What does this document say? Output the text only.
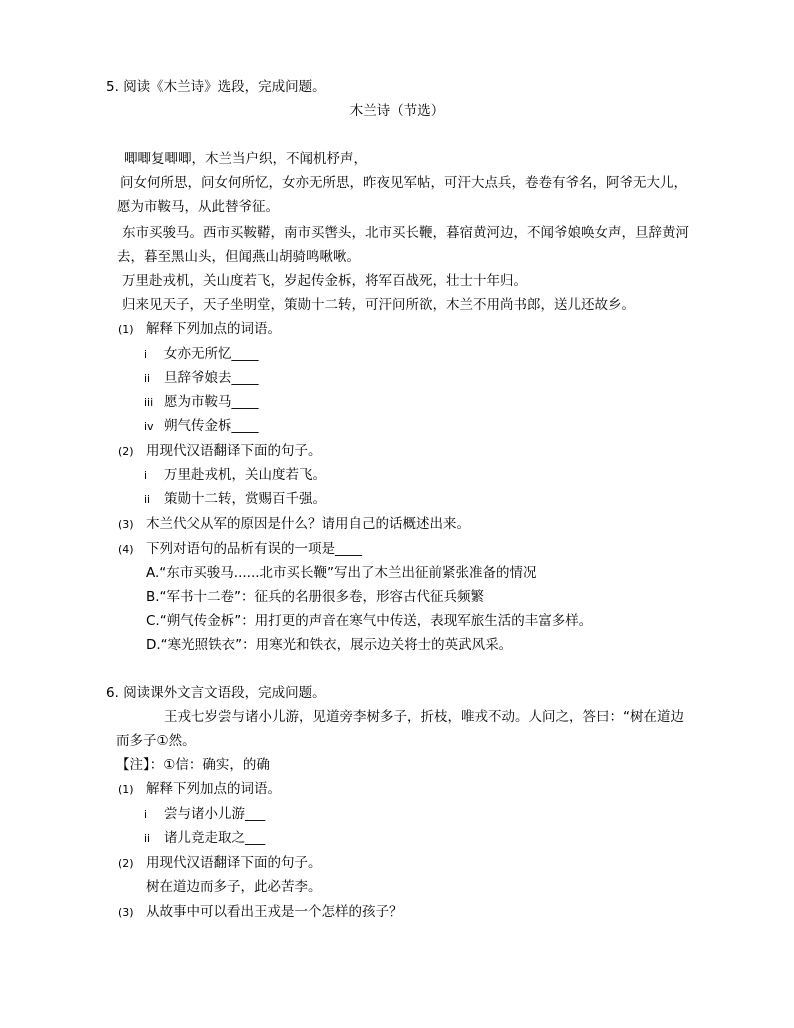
5. 阅读《木兰诗》选段，完成问题。
木兰诗（节选）
唧唧复唧唧，木兰当户织，不闻机杼声，
问女何所思，问女何所忆，女亦无所思，昨夜见军帖，可汗大点兵，卷卷有爷名，阿爷无大儿，
愿为市鞍马，从此替爷征。
东市买骏马。西市买鞍鞯，南市买辔头，北市买长鞭，暮宿黄河边，不闻爷娘唤女声，旦辞黄河
去，暮至黑山头，但闻燕山胡骑鸣啾啾。
万里赴戎机，关山度若飞，岁起传金柝，将军百战死，壮士十年归。
归来见天子，天子坐明堂，策勋十二转，可汗问所欲，木兰不用尚书郎，送儿还故乡。
(1) 解释下列加点的词语。
i 女亦无所忆____
ii 旦辞爷娘去____
iii 愿为市鞍马____
iv 朔气传金柝____
(2) 用现代汉语翻译下面的句子。
i 万里赴戎机，关山度若飞。
ii 策勋十二转，赏赐百千强。
(3) 木兰代父从军的原因是什么？请用自己的话概述出来。
(4) 下列对语句的品析有误的一项是____
A.“东市买骏马......北市买长鞭”写出了木兰出征前紧张准备的情况
B.“军书十二卷”：征兵的名册很多卷，形容古代征兵频繁
C.“朔气传金柝”：用打更的声音在寒气中传送，表现军旅生活的丰富多样。
D.“寒光照铁衣”：用寒光和铁衣，展示边关将士的英武风采。
6. 阅读课外文言文语段，完成问题。
王戎七岁尝与诸小儿游，见道旁李树多子，折枝，唯戎不动。人问之，答曰：“树在道边
而多子①然。
【注】：①信：确实，的确
(1) 解释下列加点的词语。
i 尝与诸小儿游___
ii 诸儿竞走取之___
(2) 用现代汉语翻译下面的句子。
树在道边而多子，此必苦李。
(3) 从故事中可以看出王戎是一个怎样的孩子？
